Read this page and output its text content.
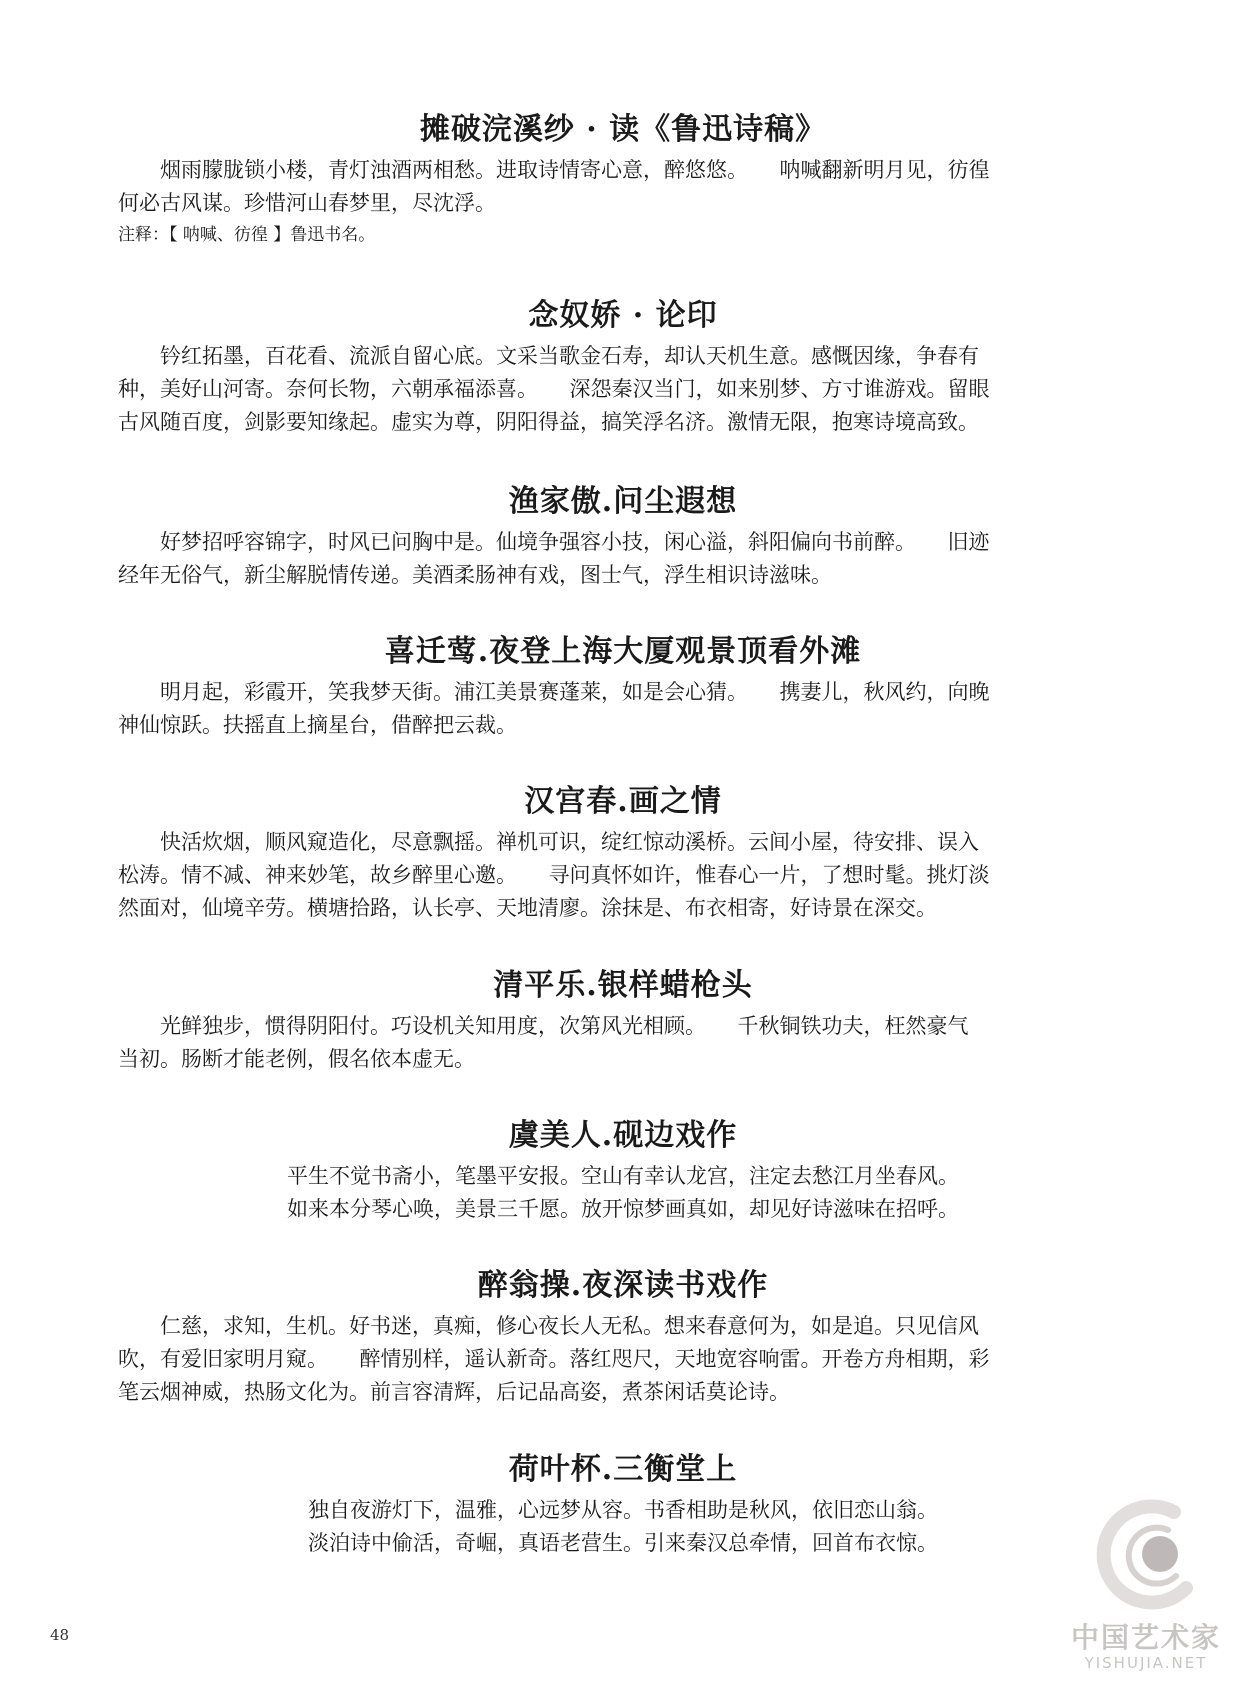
摊破浣溪纱 · 读《鲁迅诗稿》
　　烟雨朦胧锁小楼，青灯浊酒两相愁。进取诗情寄心意，醉悠悠。　　呐喊翻新明月见，彷徨
何必古风谋。珍惜河山春梦里，尽沈浮。
注释：【 呐喊、彷徨 】鲁迅书名。
念奴娇 · 论印
　　钤红拓墨，百花看、流派自留心底。文采当歌金石寿，却认天机生意。感慨因缘，争春有
种，美好山河寄。奈何长物，六朝承福添喜。　　深怨秦汉当门，如来别梦、方寸谁游戏。留眼
古风随百度，剑影要知缘起。虚实为尊，阴阳得益，搞笑浮名济。激情无限，抱寒诗境高致。
渔家傲.问尘遐想
　　好梦招呼容锦字，时风已问胸中是。仙境争强容小技，闲心溢，斜阳偏向书前醉。　　旧迹
经年无俗气，新尘解脱情传递。美酒柔肠神有戏，图士气，浮生相识诗滋味。
喜迁莺.夜登上海大厦观景顶看外滩
　　明月起，彩霞开，笑我梦天街。浦江美景赛蓬莱，如是会心猜。　　携妻儿，秋风约，向晚
神仙惊跃。扶摇直上摘星台，借醉把云裁。
汉宫春.画之情
　　快活炊烟，顺风窥造化，尽意飘摇。禅机可识，绽红惊动溪桥。云间小屋，待安排、误入
松涛。情不减、神来妙笔，故乡醉里心邀。　　寻问真怀如许，惟春心一片，了想时髦。挑灯淡
然面对，仙境辛劳。横塘拾路，认长亭、天地清廖。涂抹是、布衣相寄，好诗景在深交。
清平乐.银样蜡枪头
　　光鲜独步，惯得阴阳付。巧设机关知用度，次第风光相顾。　　千秋铜铁功夫，枉然豪气
当初。肠断才能老例，假名依本虚无。
虞美人.砚边戏作
平生不觉书斋小，笔墨平安报。空山有幸认龙宫，注定去愁江月坐春风。
如来本分琴心唤，美景三千愿。放开惊梦画真如，却见好诗滋味在招呼。
醉翁操.夜深读书戏作
　　仁慈，求知，生机。好书迷，真痴，修心夜长人无私。想来春意何为，如是追。只见信风
吹，有爱旧家明月窥。　　醉情别样，遥认新奇。落红咫尺，天地宽容响雷。开卷方舟相期，彩
笔云烟神威，热肠文化为。前言容清辉，后记品高姿，煮茶闲话莫论诗。
荷叶杯.三衡堂上
独自夜游灯下，温雅，心远梦从容。书香相助是秋风，依旧恋山翁。
淡泊诗中偷活，奇崛，真语老营生。引来秦汉总牵情，回首布衣惊。
48	中国艺术家
YISHUJIA.NET
